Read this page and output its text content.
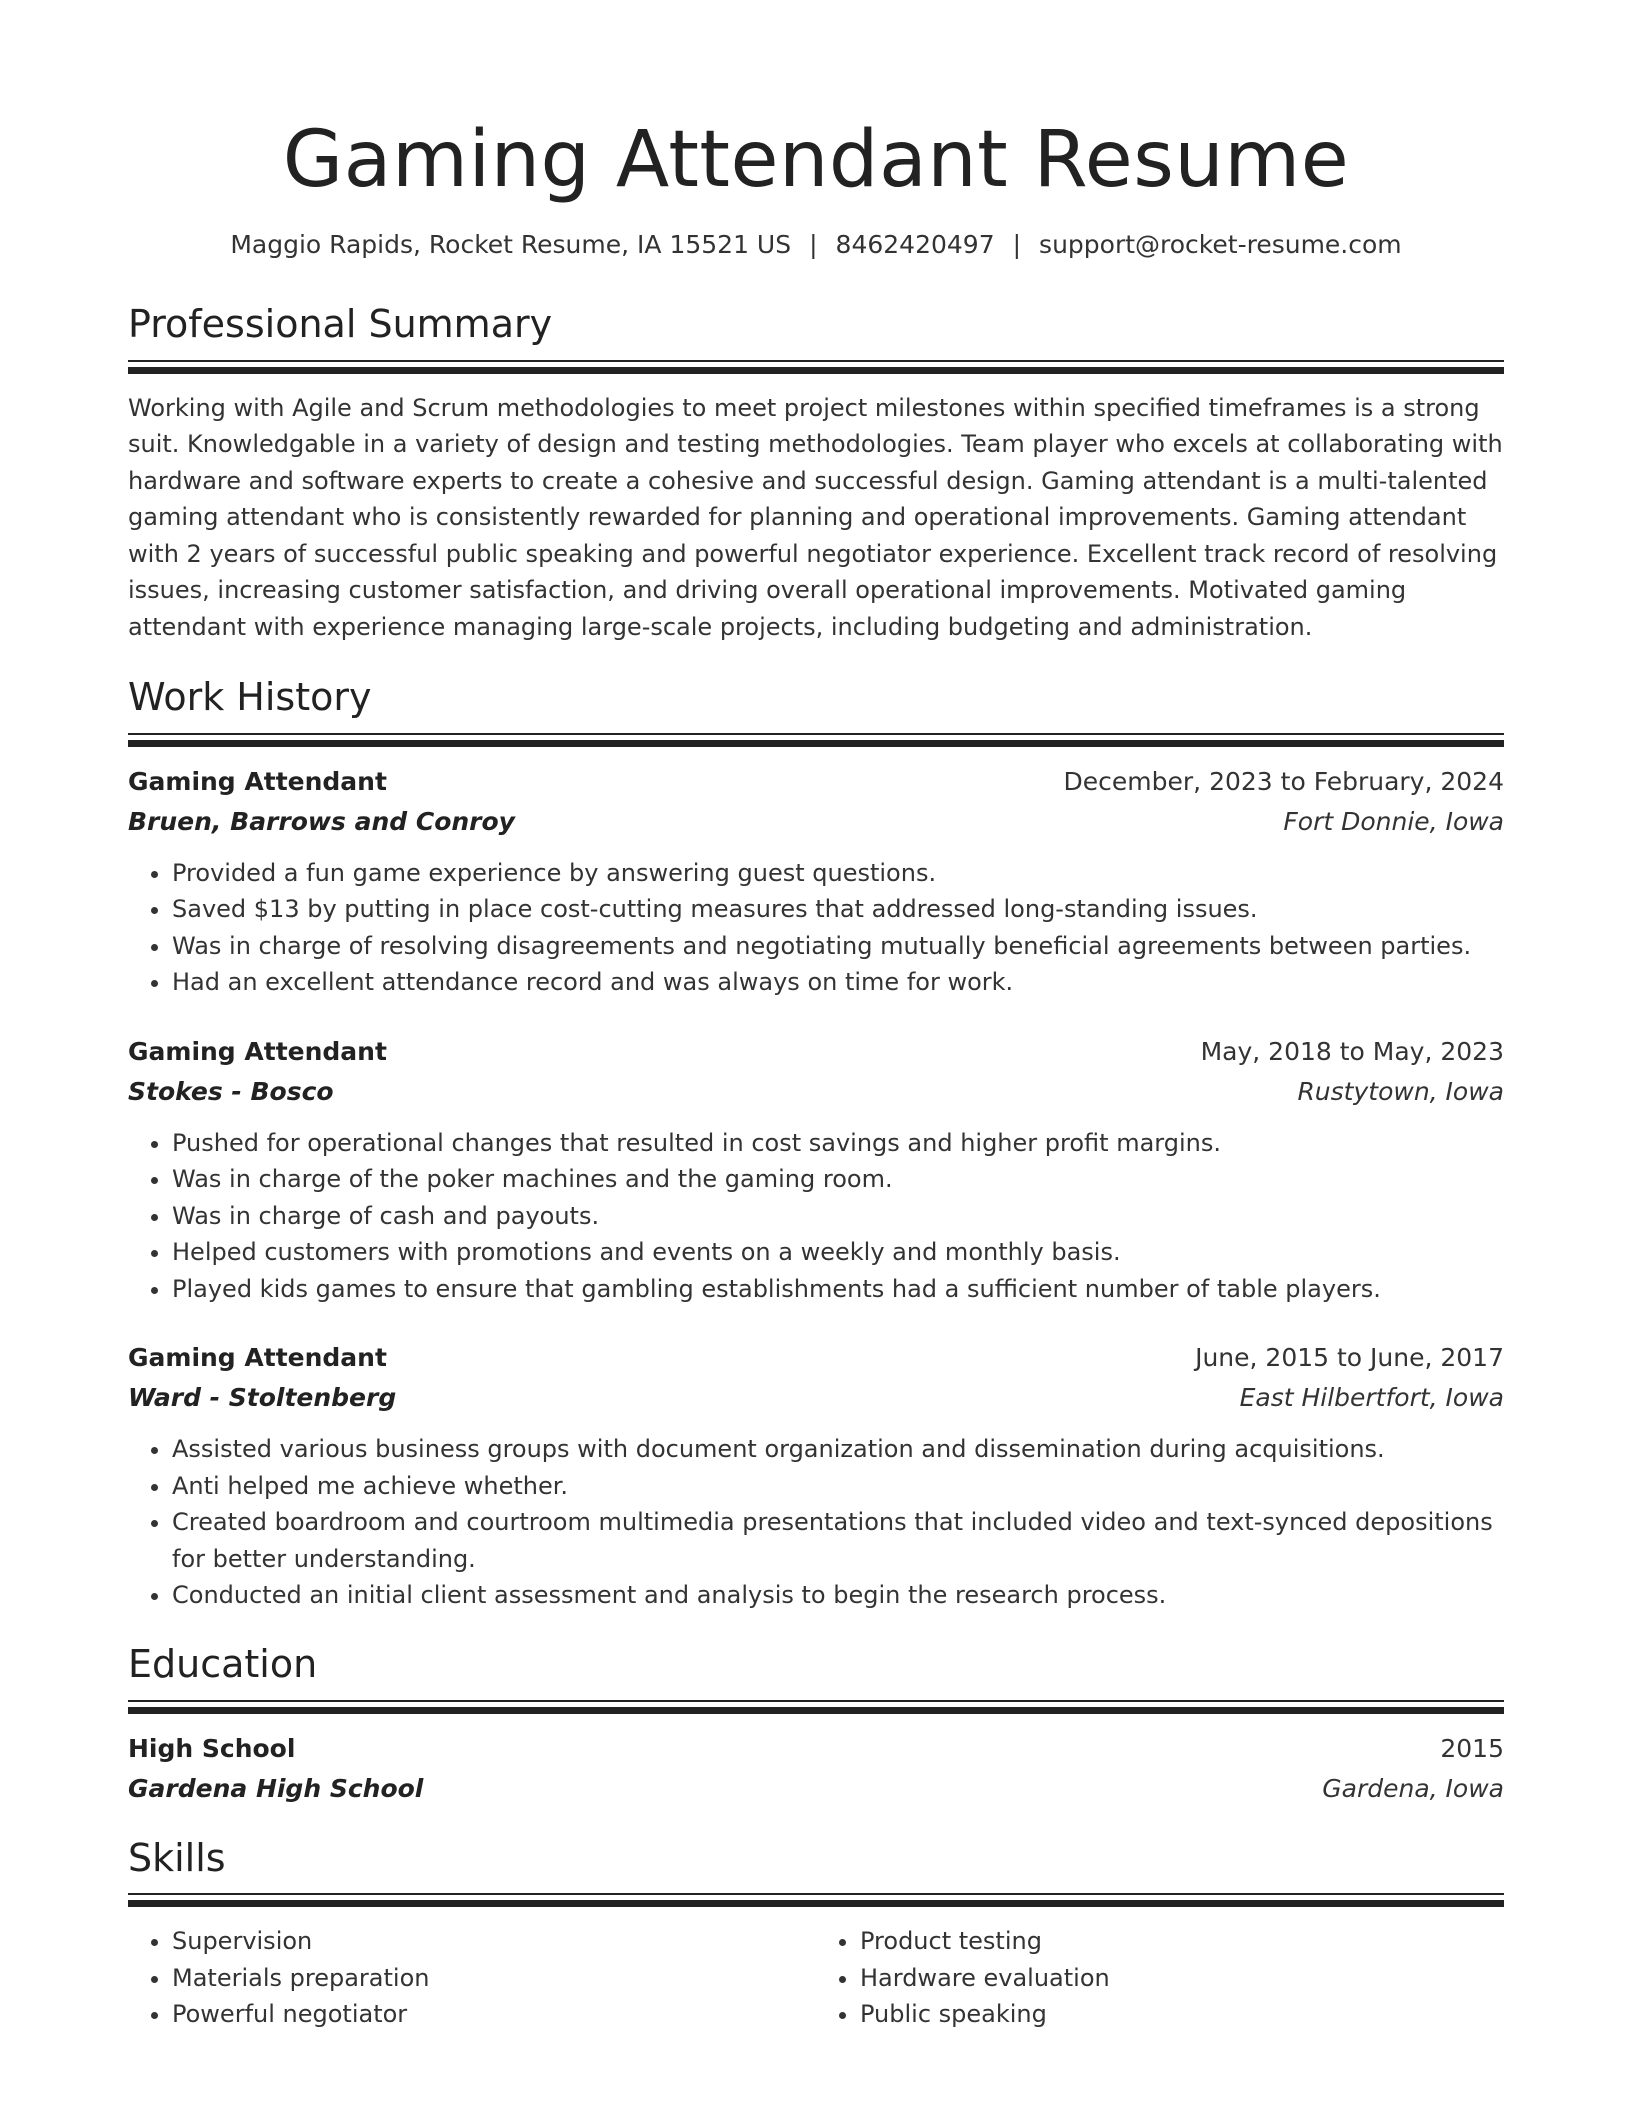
Gaming Attendant Resume
Maggio Rapids, Rocket Resume, IA 15521 US | 8462420497 | support@rocket-resume.com
Professional Summary

Working with Agile and Scrum methodologies to meet project milestones within specified timeframes is a strong suit. Knowledgable in a variety of design and testing methodologies. Team player who excels at collaborating with hardware and software experts to create a cohesive and successful design. Gaming attendant is a multi-talented gaming attendant who is consistently rewarded for planning and operational improvements. Gaming attendant with 2 years of successful public speaking and powerful negotiator experience. Excellent track record of resolving issues, increasing customer satisfaction, and driving overall operational improvements. Motivated gaming attendant with experience managing large-scale projects, including budgeting and administration.

Work History
Gaming Attendant	December, 2023 to February, 2024
Bruen, Barrows and Conroy	Fort Donnie, Iowa
• Provided a fun game experience by answering guest questions.
• Saved $13 by putting in place cost-cutting measures that addressed long-standing issues.
• Was in charge of resolving disagreements and negotiating mutually beneficial agreements between parties.
• Had an excellent attendance record and was always on time for work.
Gaming Attendant	May, 2018 to May, 2023
Stokes - Bosco	Rustytown, Iowa
• Pushed for operational changes that resulted in cost savings and higher profit margins.
• Was in charge of the poker machines and the gaming room.
• Was in charge of cash and payouts.
• Helped customers with promotions and events on a weekly and monthly basis.
• Played kids games to ensure that gambling establishments had a sufficient number of table players.
Gaming Attendant	June, 2015 to June, 2017
Ward - Stoltenberg	East Hilbertfort, Iowa
• Assisted various business groups with document organization and dissemination during acquisitions.
• Anti helped me achieve whether.
• Created boardroom and courtroom multimedia presentations that included video and text-synced depositions for better understanding.
• Conducted an initial client assessment and analysis to begin the research process.
Education
High School	2015
Gardena High School	Gardena, Iowa
Skills
• Supervision
• Materials preparation
• Powerful negotiator
• Product testing
• Hardware evaluation
• Public speaking
